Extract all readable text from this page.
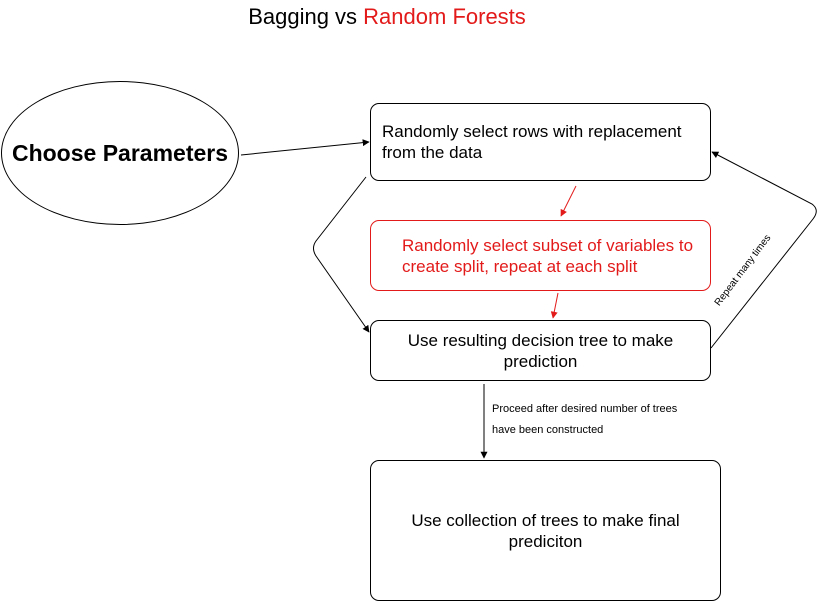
Bagging vs Random Forests
Choose Parameters
Randomly select rows with replacement from the data
Randomly select subset of variables to create split, repeat at each split
Use resulting decision tree to make prediction
Use collection of trees to make final prediciton
Proceed after desired number of trees
have been constructed
Repeat many times
